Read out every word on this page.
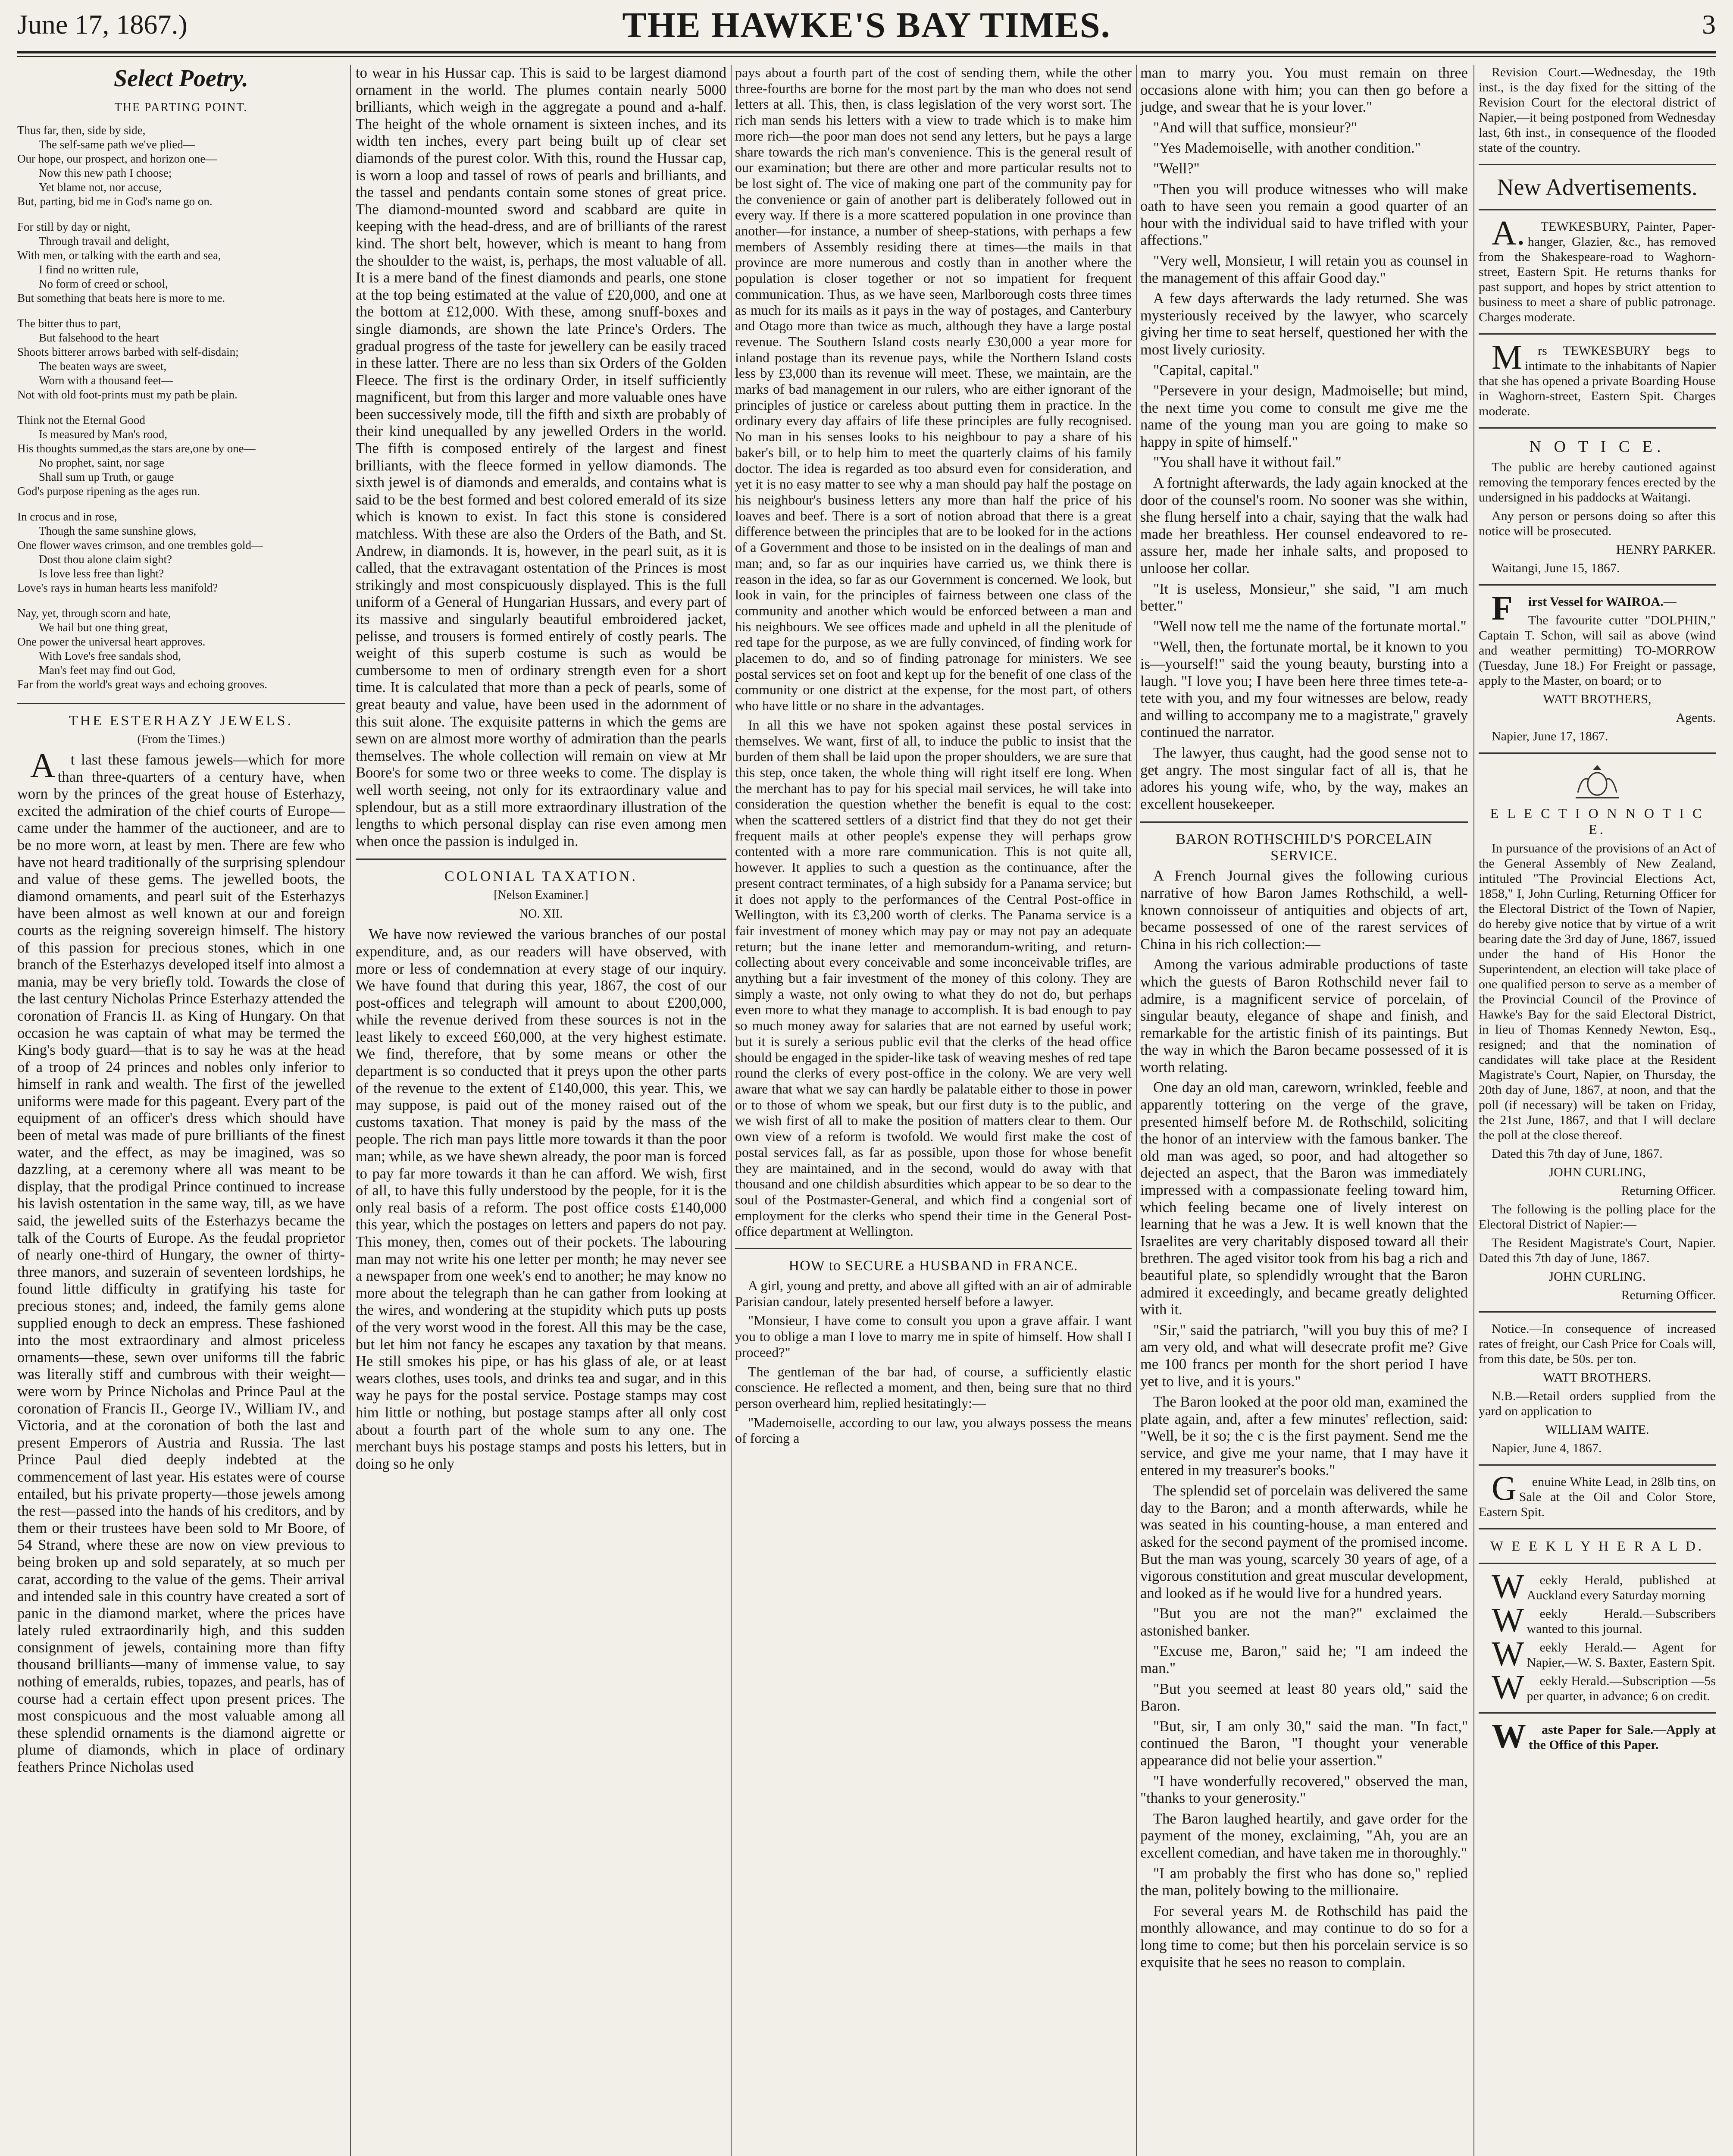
June 17, 1867.)	THE HAWKE'S BAY TIMES.	3
Select Poetry.
THE PARTING POINT.

Thus far, then, side by side,

The self-same path we've plied—

Our hope, our prospect, and horizon one—

Now this new path I choose;

Yet blame not, nor accuse,

But, parting, bid me in God's name go on.

For still by day or night,

Through travail and delight,

With men, or talking with the earth and sea,

I find no written rule,

No form of creed or school,

But something that beats here is more to me.

The bitter thus to part,

But falsehood to the heart

Shoots bitterer arrows barbed with self-disdain;

The beaten ways are sweet,

Worn with a thousand feet—

Not with old foot-prints must my path be plain.

Think not the Eternal Good

Is measured by Man's rood,

His thoughts summed,as the stars are,one by one—

No prophet, saint, nor sage

Shall sum up Truth, or gauge

God's purpose ripening as the ages run.

In crocus and in rose,

Though the same sunshine glows,

One flower waves crimson, and one trembles gold—

Dost thou alone claim sight?

Is love less free than light?

Love's rays in human hearts less manifold?

Nay, yet, through scorn and hate,

We hail but one thing great,

One power the universal heart approves.

With Love's free sandals shod,

Man's feet may find out God,

Far from the world's great ways and echoing grooves.

THE ESTERHAZY JEWELS.
(From the Times.)

At last these famous jewels—which for more than three-quarters of a century have, when worn by the princes of the great house of Esterhazy, excited the admiration of the chief courts of Europe—came under the hammer of the auctioneer, and are to be no more worn, at least by men. There are few who have not heard traditionally of the surprising splendour and value of these gems. The jewelled boots, the diamond ornaments, and pearl suit of the Esterhazys have been almost as well known at our and foreign courts as the reigning sovereign himself. The history of this passion for precious stones, which in one branch of the Esterhazys developed itself into almost a mania, may be very briefly told. Towards the close of the last century Nicholas Prince Esterhazy attended the coronation of Francis II. as King of Hungary. On that occasion he was captain of what may be termed the King's body guard—that is to say he was at the head of a troop of 24 princes and nobles only inferior to himself in rank and wealth. The first of the jewelled uniforms were made for this pageant. Every part of the equipment of an officer's dress which should have been of metal was made of pure brilliants of the finest water, and the effect, as may be imagined, was so dazzling, at a ceremony where all was meant to be display, that the prodigal Prince continued to increase his lavish ostentation in the same way, till, as we have said, the jewelled suits of the Esterhazys became the talk of the Courts of Europe. As the feudal proprietor of nearly one-third of Hungary, the owner of thirty-three manors, and suzerain of seventeen lordships, he found little difficulty in gratifying his taste for precious stones; and, indeed, the family gems alone supplied enough to deck an empress. These fashioned into the most extraordinary and almost priceless ornaments—these, sewn over uniforms till the fabric was literally stiff and cumbrous with their weight—were worn by Prince Nicholas and Prince Paul at the coronation of Francis II., George IV., William IV., and Victoria, and at the coronation of both the last and present Emperors of Austria and Russia. The last Prince Paul died deeply indebted at the commencement of last year. His estates were of course entailed, but his private property—those jewels among the rest—passed into the hands of his creditors, and by them or their trustees have been sold to Mr Boore, of 54 Strand, where these are now on view previous to being broken up and sold separately, at so much per carat, according to the value of the gems. Their arrival and intended sale in this country have created a sort of panic in the diamond market, where the prices have lately ruled extraordinarily high, and this sudden consignment of jewels, containing more than fifty thousand brilliants—many of immense value, to say nothing of emeralds, rubies, topazes, and pearls, has of course had a certain effect upon present prices. The most conspicuous and the most valuable among all these splendid ornaments is the diamond aigrette or plume of diamonds, which in place of ordinary feathers Prince Nicholas used

to wear in his Hussar cap. This is said to be largest diamond ornament in the world. The plumes contain nearly 5000 brilliants, which weigh in the aggregate a pound and a-half. The height of the whole ornament is sixteen inches, and its width ten inches, every part being built up of clear set diamonds of the purest color. With this, round the Hussar cap, is worn a loop and tassel of rows of pearls and brilliants, and the tassel and pendants contain some stones of great price. The diamond-mounted sword and scabbard are quite in keeping with the head-dress, and are of brilliants of the rarest kind. The short belt, however, which is meant to hang from the shoulder to the waist, is, perhaps, the most valuable of all. It is a mere band of the finest diamonds and pearls, one stone at the top being estimated at the value of £20,000, and one at the bottom at £12,000. With these, among snuff-boxes and single diamonds, are shown the late Prince's Orders. The gradual progress of the taste for jewellery can be easily traced in these latter. There are no less than six Orders of the Golden Fleece. The first is the ordinary Order, in itself sufficiently magnificent, but from this larger and more valuable ones have been successively mode, till the fifth and sixth are probably of their kind unequalled by any jewelled Orders in the world. The fifth is composed entirely of the largest and finest brilliants, with the fleece formed in yellow diamonds. The sixth jewel is of diamonds and emeralds, and contains what is said to be the best formed and best colored emerald of its size which is known to exist. In fact this stone is considered matchless. With these are also the Orders of the Bath, and St. Andrew, in diamonds. It is, however, in the pearl suit, as it is called, that the extravagant ostentation of the Princes is most strikingly and most conspicuously displayed. This is the full uniform of a General of Hungarian Hussars, and every part of its massive and singularly beautiful embroidered jacket, pelisse, and trousers is formed entirely of costly pearls. The weight of this superb costume is such as would be cumbersome to men of ordinary strength even for a short time. It is calculated that more than a peck of pearls, some of great beauty and value, have been used in the adornment of this suit alone. The exquisite patterns in which the gems are sewn on are almost more worthy of admiration than the pearls themselves. The whole collection will remain on view at Mr Boore's for some two or three weeks to come. The display is well worth seeing, not only for its extraordinary value and splendour, but as a still more extraordinary illustration of the lengths to which personal display can rise even among men when once the passion is indulged in.

COLONIAL TAXATION.
[Nelson Examiner.]
NO. XII.

We have now reviewed the various branches of our postal expenditure, and, as our readers will have observed, with more or less of condemnation at every stage of our inquiry. We have found that during this year, 1867, the cost of our post-offices and telegraph will amount to about £200,000, while the revenue derived from these sources is not in the least likely to exceed £60,000, at the very highest estimate. We find, therefore, that by some means or other the department is so conducted that it preys upon the other parts of the revenue to the extent of £140,000, this year. This, we may suppose, is paid out of the money raised out of the customs taxation. That money is paid by the mass of the people. The rich man pays little more towards it than the poor man; while, as we have shewn already, the poor man is forced to pay far more towards it than he can afford. We wish, first of all, to have this fully understood by the people, for it is the only real basis of a reform. The post office costs £140,000 this year, which the postages on letters and papers do not pay. This money, then, comes out of their pockets. The labouring man may not write his one letter per month; he may never see a newspaper from one week's end to another; he may know no more about the telegraph than he can gather from looking at the wires, and wondering at the stupidity which puts up posts of the very worst wood in the forest. All this may be the case, but let him not fancy he escapes any taxation by that means. He still smokes his pipe, or has his glass of ale, or at least wears clothes, uses tools, and drinks tea and sugar, and in this way he pays for the postal service. Postage stamps may cost him little or nothing, but postage stamps after all only cost about a fourth part of the whole sum to any one. The merchant buys his postage stamps and posts his letters, but in doing so he only

pays about a fourth part of the cost of sending them, while the other three-fourths are borne for the most part by the man who does not send letters at all. This, then, is class legislation of the very worst sort. The rich man sends his letters with a view to trade which is to make him more rich—the poor man does not send any letters, but he pays a large share towards the rich man's convenience. This is the general result of our examination; but there are other and more particular results not to be lost sight of. The vice of making one part of the community pay for the convenience or gain of another part is deliberately followed out in every way. If there is a more scattered population in one province than another—for instance, a number of sheep-stations, with perhaps a few members of Assembly residing there at times—the mails in that province are more numerous and costly than in another where the population is closer together or not so impatient for frequent communication. Thus, as we have seen, Marlborough costs three times as much for its mails as it pays in the way of postages, and Canterbury and Otago more than twice as much, although they have a large postal revenue. The Southern Island costs nearly £30,000 a year more for inland postage than its revenue pays, while the Northern Island costs less by £3,000 than its revenue will meet. These, we maintain, are the marks of bad management in our rulers, who are either ignorant of the principles of justice or careless about putting them in practice. In the ordinary every day affairs of life these principles are fully recognised. No man in his senses looks to his neighbour to pay a share of his baker's bill, or to help him to meet the quarterly claims of his family doctor. The idea is regarded as too absurd even for consideration, and yet it is no easy matter to see why a man should pay half the postage on his neighbour's business letters any more than half the price of his loaves and beef. There is a sort of notion abroad that there is a great difference between the principles that are to be looked for in the actions of a Government and those to be insisted on in the dealings of man and man; and, so far as our inquiries have carried us, we think there is reason in the idea, so far as our Government is concerned. We look, but look in vain, for the principles of fairness between one class of the community and another which would be enforced between a man and his neighbours. We see offices made and upheld in all the plenitude of red tape for the purpose, as we are fully convinced, of finding work for placemen to do, and so of finding patronage for ministers. We see postal services set on foot and kept up for the benefit of one class of the community or one district at the expense, for the most part, of others who have little or no share in the advantages.

In all this we have not spoken against these postal services in themselves. We want, first of all, to induce the public to insist that the burden of them shall be laid upon the proper shoulders, we are sure that this step, once taken, the whole thing will right itself ere long. When the merchant has to pay for his special mail services, he will take into consideration the question whether the benefit is equal to the cost: when the scattered settlers of a district find that they do not get their frequent mails at other people's expense they will perhaps grow contented with a more rare communication. This is not quite all, however. It applies to such a question as the continuance, after the present contract terminates, of a high subsidy for a Panama service; but it does not apply to the performances of the Central Post-office in Wellington, with its £3,200 worth of clerks. The Panama service is a fair investment of money which may pay or may not pay an adequate return; but the inane letter and memorandum-writing, and return-collecting about every conceivable and some inconceivable trifles, are anything but a fair investment of the money of this colony. They are simply a waste, not only owing to what they do not do, but perhaps even more to what they manage to accomplish. It is bad enough to pay so much money away for salaries that are not earned by useful work; but it is surely a serious public evil that the clerks of the head office should be engaged in the spider-like task of weaving meshes of red tape round the clerks of every post-office in the colony. We are very well aware that what we say can hardly be palatable either to those in power or to those of whom we speak, but our first duty is to the public, and we wish first of all to make the position of matters clear to them. Our own view of a reform is twofold. We would first make the cost of postal services fall, as far as possible, upon those for whose benefit they are maintained, and in the second, would do away with that thousand and one childish absurdities which appear to be so dear to the soul of the Postmaster-General, and which find a congenial sort of employment for the clerks who spend their time in the General Post-office department at Wellington.

HOW to SECURE a HUSBAND in FRANCE.

A girl, young and pretty, and above all gifted with an air of admirable Parisian candour, lately presented herself before a lawyer.

"Monsieur, I have come to consult you upon a grave affair. I want you to oblige a man I love to marry me in spite of himself. How shall I proceed?"

The gentleman of the bar had, of course, a sufficiently elastic conscience. He reflected a moment, and then, being sure that no third person overheard him, replied hesitatingly:—

"Mademoiselle, according to our law, you always possess the means of forcing a

man to marry you. You must remain on three occasions alone with him; you can then go before a judge, and swear that he is your lover."

"And will that suffice, monsieur?"

"Yes Mademoiselle, with another condition."

"Well?"

"Then you will produce witnesses who will make oath to have seen you remain a good quarter of an hour with the individual said to have trifled with your affections."

"Very well, Monsieur, I will retain you as counsel in the management of this affair Good day."

A few days afterwards the lady returned. She was mysteriously received by the lawyer, who scarcely giving her time to seat herself, questioned her with the most lively curiosity.

"Capital, capital."

"Persevere in your design, Madmoiselle; but mind, the next time you come to consult me give me the name of the young man you are going to make so happy in spite of himself."

"You shall have it without fail."

A fortnight afterwards, the lady again knocked at the door of the counsel's room. No sooner was she within, she flung herself into a chair, saying that the walk had made her breathless. Her counsel endeavored to re-assure her, made her inhale salts, and proposed to unloose her collar.

"It is useless, Monsieur," she said, "I am much better."

"Well now tell me the name of the fortunate mortal."

"Well, then, the fortunate mortal, be it known to you is—yourself!" said the young beauty, bursting into a laugh. "I love you; I have been here three times tete-a-tete with you, and my four witnesses are below, ready and willing to accompany me to a magistrate," gravely continued the narrator.

The lawyer, thus caught, had the good sense not to get angry. The most singular fact of all is, that he adores his young wife, who, by the way, makes an excellent housekeeper.

BARON ROTHSCHILD'S PORCELAIN SERVICE.

A French Journal gives the following curious narrative of how Baron James Rothschild, a well-known connoisseur of antiquities and objects of art, became possessed of one of the rarest services of China in his rich collection:—

Among the various admirable productions of taste which the guests of Baron Rothschild never fail to admire, is a magnificent service of porcelain, of singular beauty, elegance of shape and finish, and remarkable for the artistic finish of its paintings. But the way in which the Baron became possessed of it is worth relating.

One day an old man, careworn, wrinkled, feeble and apparently tottering on the verge of the grave, presented himself before M. de Rothschild, soliciting the honor of an interview with the famous banker. The old man was aged, so poor, and had altogether so dejected an aspect, that the Baron was immediately impressed with a compassionate feeling toward him, which feeling became one of lively interest on learning that he was a Jew. It is well known that the Israelites are very charitably disposed toward all their brethren. The aged visitor took from his bag a rich and beautiful plate, so splendidly wrought that the Baron admired it exceedingly, and became greatly delighted with it.

"Sir," said the patriarch, "will you buy this of me? I am very old, and what will desecrate profit me? Give me 100 francs per month for the short period I have yet to live, and it is yours."

The Baron looked at the poor old man, examined the plate again, and, after a few minutes' reflection, said: "Well, be it so; the c is the first payment. Send me the service, and give me your name, that I may have it entered in my treasurer's books."

The splendid set of porcelain was delivered the same day to the Baron; and a month afterwards, while he was seated in his counting-house, a man entered and asked for the second payment of the promised income. But the man was young, scarcely 30 years of age, of a vigorous constitution and great muscular development, and looked as if he would live for a hundred years.

"But you are not the man?" exclaimed the astonished banker.

"Excuse me, Baron," said he; "I am indeed the man."

"But you seemed at least 80 years old," said the Baron.

"But, sir, I am only 30," said the man. "In fact," continued the Baron, "I thought your venerable appearance did not belie your assertion."

"I have wonderfully recovered," observed the man, "thanks to your generosity."

The Baron laughed heartily, and gave order for the payment of the money, exclaiming, "Ah, you are an excellent comedian, and have taken me in thoroughly."

"I am probably the first who has done so," replied the man, politely bowing to the millionaire.

For several years M. de Rothschild has paid the monthly allowance, and may continue to do so for a long time to come; but then his porcelain service is so exquisite that he sees no reason to complain.

Revision Court.—Wednesday, the 19th inst., is the day fixed for the sitting of the Revision Court for the electoral district of Napier,—it being postponed from Wednesday last, 6th inst., in consequence of the flooded state of the country.

New Advertisements.

A.TEWKESBURY, Painter, Paper-hanger, Glazier, &c., has removed from the Shakespeare-road to Waghorn-street, Eastern Spit. He returns thanks for past support, and hopes by strict attention to business to meet a share of public patronage. Charges moderate.

Mrs TEWKESBURY begs to intimate to the inhabitants of Napier that she has opened a private Boarding House in Waghorn-street, Eastern Spit. Charges moderate.

N O T I C E.

The public are hereby cautioned against removing the temporary fences erected by the undersigned in his paddocks at Waitangi.

Any person or persons doing so after this notice will be prosecuted.

HENRY PARKER.

Waitangi, June 15, 1867.

First Vessel for WAIROA.—

The favourite cutter "DOLPHIN," Captain T. Schon, will sail as above (wind and weather permitting) TO-MORROW (Tuesday, June 18.) For Freight or passage, apply to the Master, on board; or to

WATT BROTHERS,

Agents.

Napier, June 17, 1867.

E L E C T I O N N O T I C E.

In pursuance of the provisions of an Act of the General Assembly of New Zealand, intituled "The Provincial Elections Act, 1858," I, John Curling, Returning Officer for the Electoral District of the Town of Napier, do hereby give notice that by virtue of a writ bearing date the 3rd day of June, 1867, issued under the hand of His Honor the Superintendent, an election will take place of one qualified person to serve as a member of the Provincial Council of the Province of Hawke's Bay for the said Electoral District, in lieu of Thomas Kennedy Newton, Esq., resigned; and that the nomination of candidates will take place at the Resident Magistrate's Court, Napier, on Thursday, the 20th day of June, 1867, at noon, and that the poll (if necessary) will be taken on Friday, the 21st June, 1867, and that I will declare the poll at the close thereof.

Dated this 7th day of June, 1867.

JOHN CURLING,

Returning Officer.

The following is the polling place for the Electoral District of Napier:—

The Resident Magistrate's Court, Napier. Dated this 7th day of June, 1867.

JOHN CURLING.

Returning Officer.

Notice.—In consequence of increased rates of freight, our Cash Price for Coals will, from this date, be 50s. per ton.

WATT BROTHERS.

N.B.—Retail orders supplied from the yard on application to

WILLIAM WAITE.

Napier, June 4, 1867.

Genuine White Lead, in 28lb tins, on Sale at the Oil and Color Store, Eastern Spit.

W E E K L Y H E R A L D.

Weekly Herald, published at Auckland every Saturday morning

Weekly Herald.—Subscribers wanted to this journal.

Weekly Herald.— Agent for Napier,—W. S. Baxter, Eastern Spit.

Weekly Herald.—Subscription —5s per quarter, in advance; 6 on credit.

Waste Paper for Sale.—Apply at the Office of this Paper.
